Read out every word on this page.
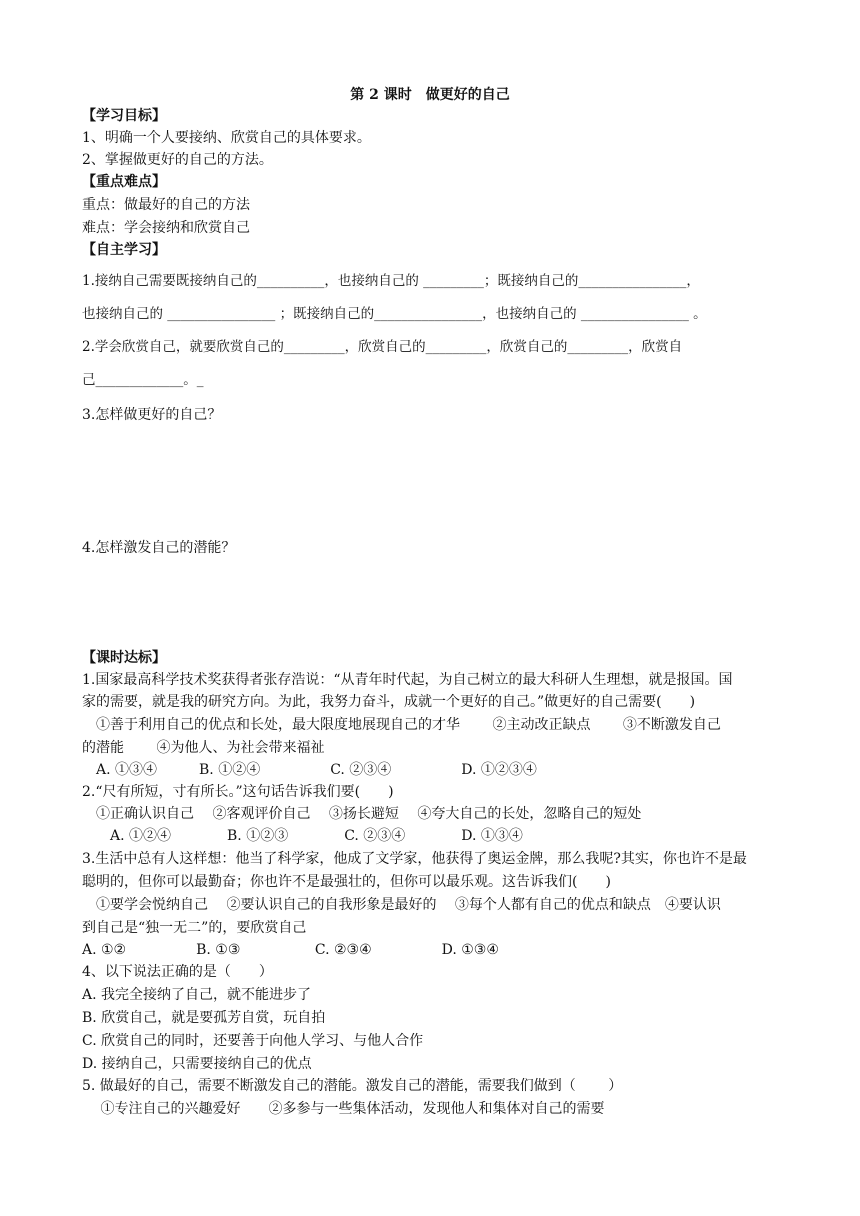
第 2 课时　做更好的自己
【学习目标】
1、明确一个人要接纳、欣赏自己的具体要求。
2、掌握做更好的自己的方法。
【重点难点】
重点：做最好的自己的方法
难点：学会接纳和欣赏自己
【自主学习】
1.接纳自己需要既接纳自己的__________，也接纳自己的 _________；既接纳自己的________________，
也接纳自己的 ________________ ；既接纳自己的________________，也接纳自己的 ________________ 。
2.学会欣赏自己，就要欣赏自己的_________，欣赏自己的_________，欣赏自己的_________，欣赏自
己_____________。_
3.怎样做更好的自己？
4.怎样激发自己的潜能？
【课时达标】
1.国家最高科学技术奖获得者张存浩说：“从青年时代起，为自己树立的最大科研人生理想，就是报国。国
家的需要，就是我的研究方向。为此，我努力奋斗，成就一个更好的自己。”做更好的自己需要(　　)
　①善于利用自己的优点和长处，最大限度地展现自己的才华　　 ②主动改正缺点　　 ③不断激发自己
的潜能　　 ④为他人、为社会带来福祉
　A. ①③④　　　B. ①②④　　　　　C. ②③④　　　　　D. ①②③④
2.“尺有所短，寸有所长。”这句话告诉我们要(　　)
　①正确认识自己　 ②客观评价自己　 ③扬长避短　 ④夸大自己的长处，忽略自己的短处
　　A. ①②④　　　　B. ①②③　　　　C. ②③④　　　　D. ①③④
3.生活中总有人这样想：他当了科学家，他成了文学家，他获得了奥运金牌，那么我呢?其实，你也许不是最
聪明的，但你可以最勤奋；你也许不是最强壮的，但你可以最乐观。这告诉我们(　　)
　①要学会悦纳自己　 ②要认识自己的自我形象是最好的　 ③每个人都有自己的优点和缺点　④要认识
到自己是“独一无二”的，要欣赏自己
A. ①②　　　　　B. ①③　　　　　 C. ②③④　　　　　D. ①③④
4、以下说法正确的是（　　）
A. 我完全接纳了自己，就不能进步了
B. 欣赏自己，就是要孤芳自赏，玩自拍
C. 欣赏自己的同时，还要善于向他人学习、与他人合作
D. 接纳自己，只需要接纳自己的优点
5. 做最好的自己，需要不断激发自己的潜能。激发自己的潜能，需要我们做到（　　 ）
　 ①专注自己的兴趣爱好　　②多参与一些集体活动，发现他人和集体对自己的需要
